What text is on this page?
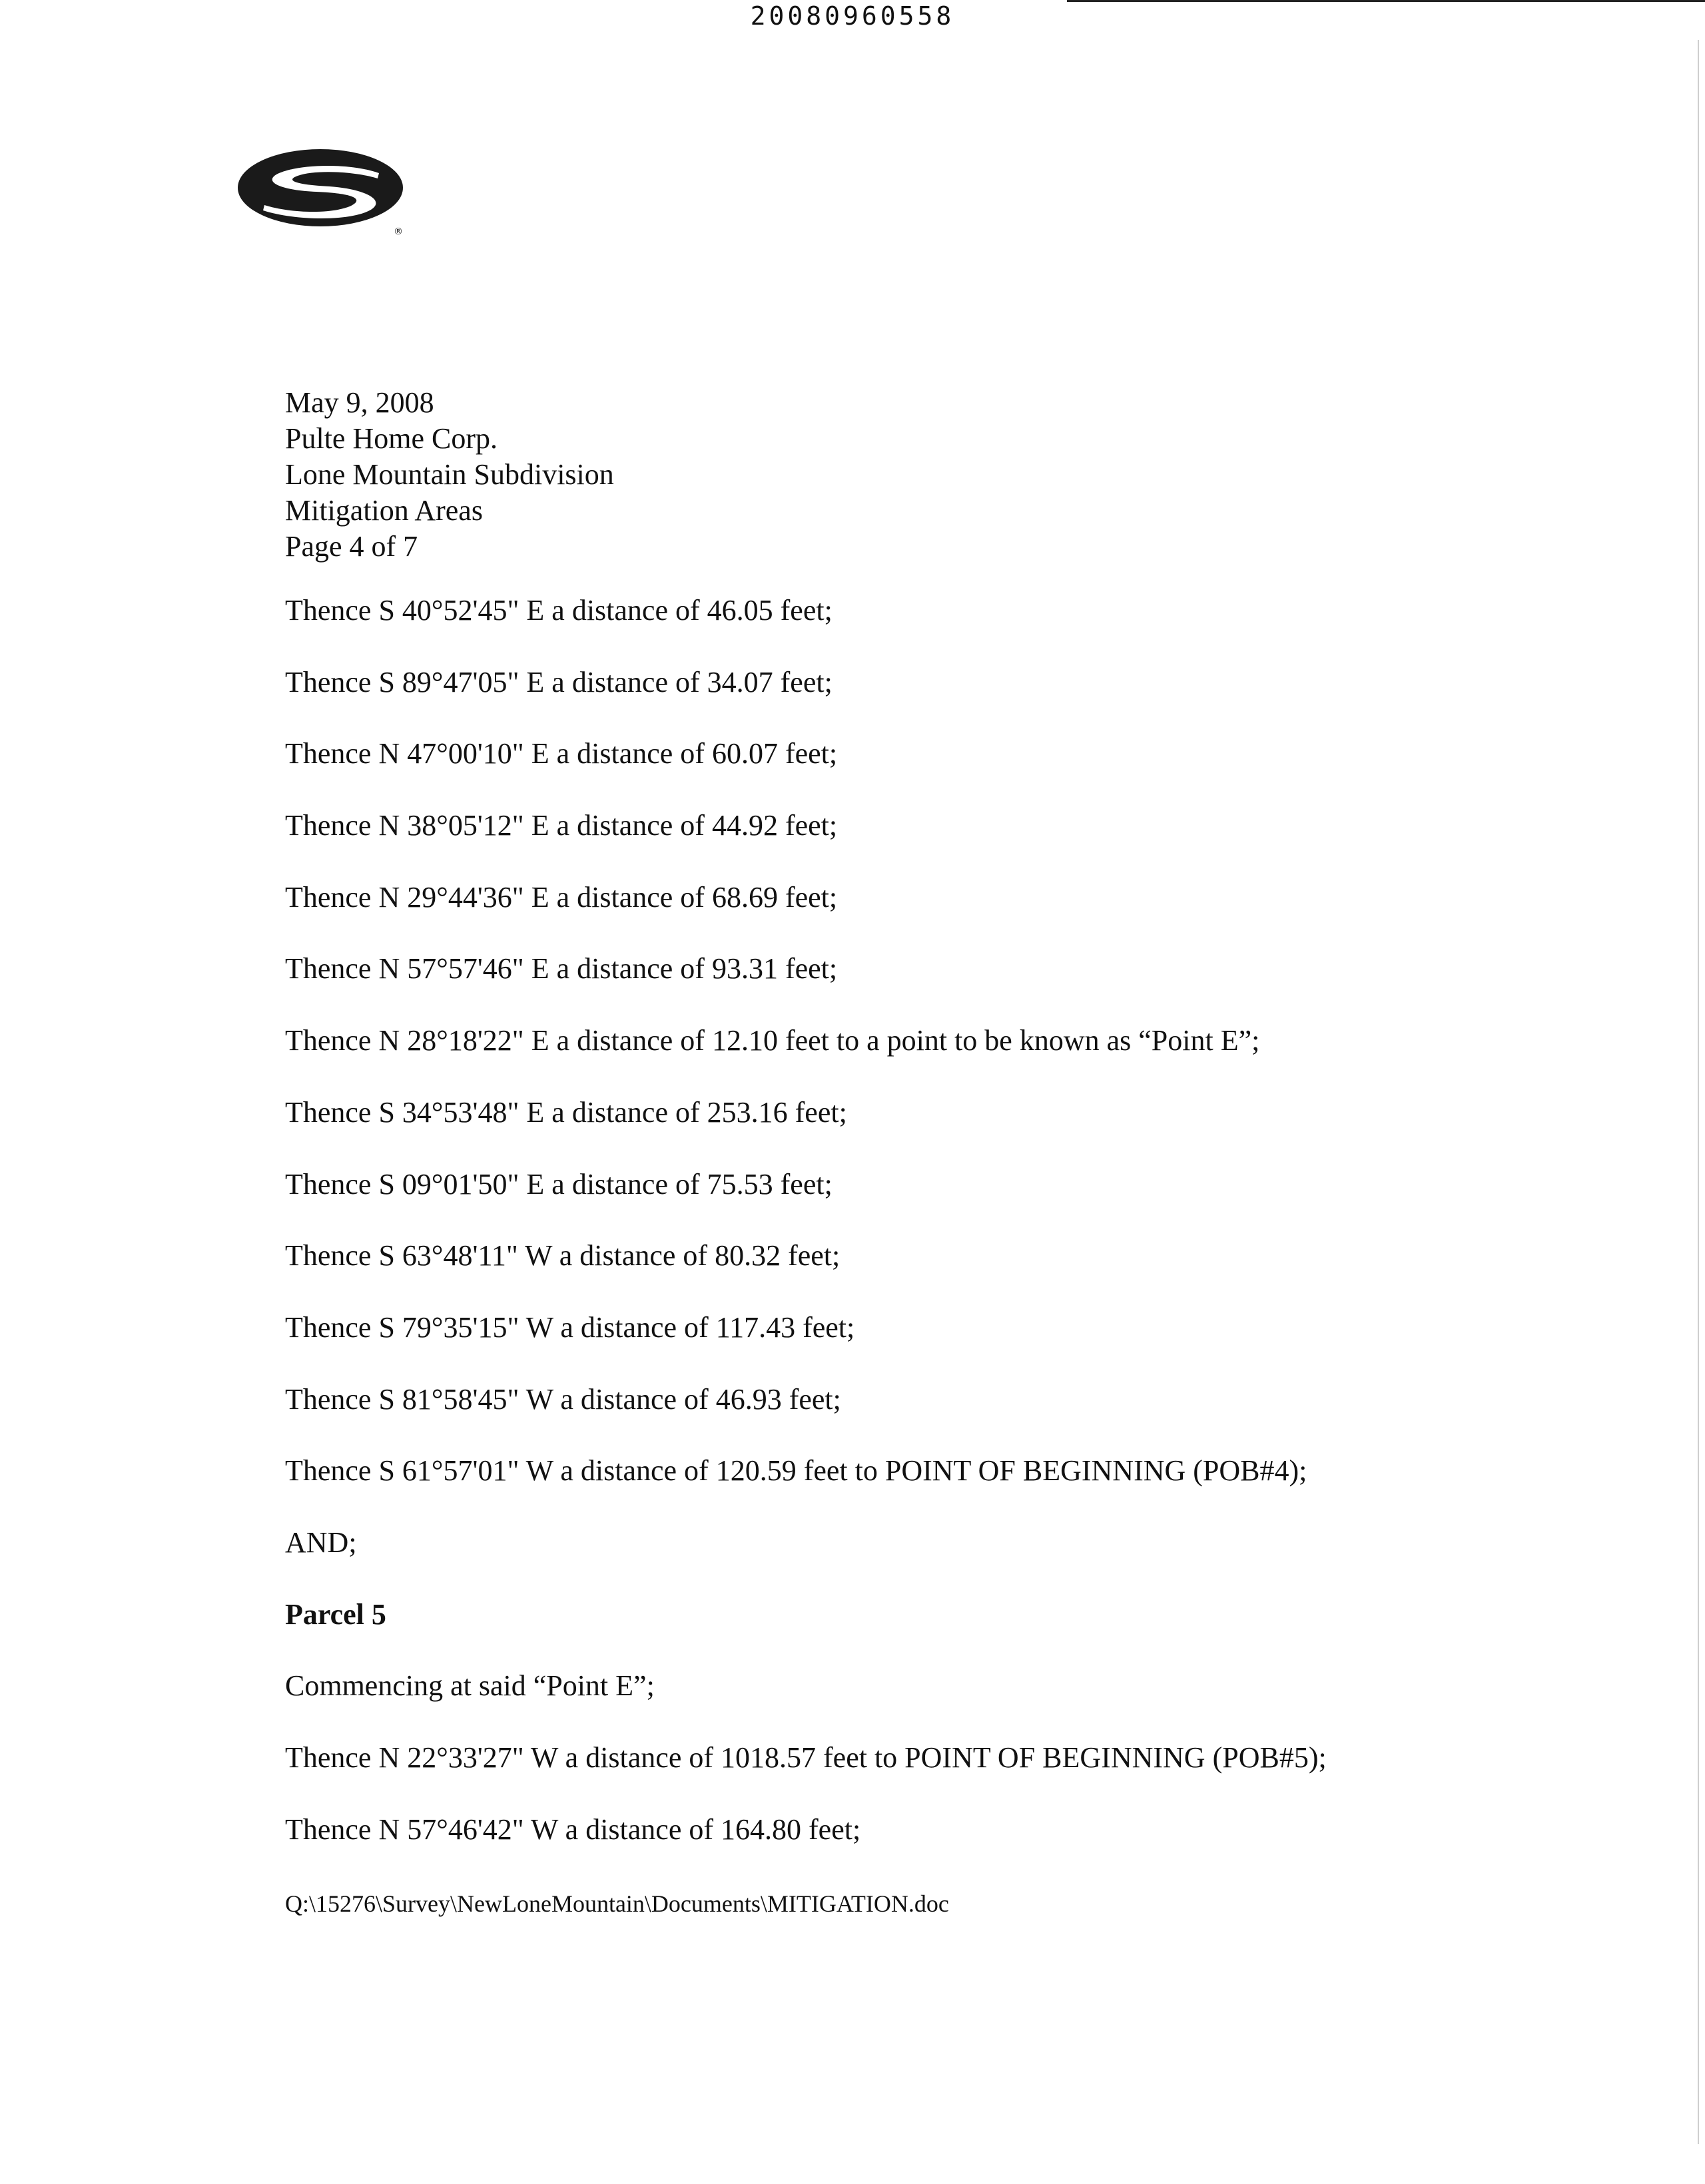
20080960558
®
May 9, 2008
Pulte Home Corp.
Lone Mountain Subdivision
Mitigation Areas
Page 4 of 7
Thence S 40°52'45" E a distance of 46.05 feet;
Thence S 89°47'05" E a distance of 34.07 feet;
Thence N 47°00'10" E a distance of 60.07 feet;
Thence N 38°05'12" E a distance of 44.92 feet;
Thence N 29°44'36" E a distance of 68.69 feet;
Thence N 57°57'46" E a distance of 93.31 feet;
Thence N 28°18'22" E a distance of 12.10 feet to a point to be known as “Point E”;
Thence S 34°53'48" E a distance of 253.16 feet;
Thence S 09°01'50" E a distance of 75.53 feet;
Thence S 63°48'11" W a distance of 80.32 feet;
Thence S 79°35'15" W a distance of 117.43 feet;
Thence S 81°58'45" W a distance of 46.93 feet;
Thence S 61°57'01" W a distance of 120.59 feet to POINT OF BEGINNING (POB#4);
AND;
Parcel 5
Commencing at said “Point E”;
Thence N 22°33'27" W a distance of 1018.57 feet to POINT OF BEGINNING (POB#5);
Thence N 57°46'42" W a distance of 164.80 feet;
Q:\15276\Survey\NewLoneMountain\Documents\MITIGATION.doc
